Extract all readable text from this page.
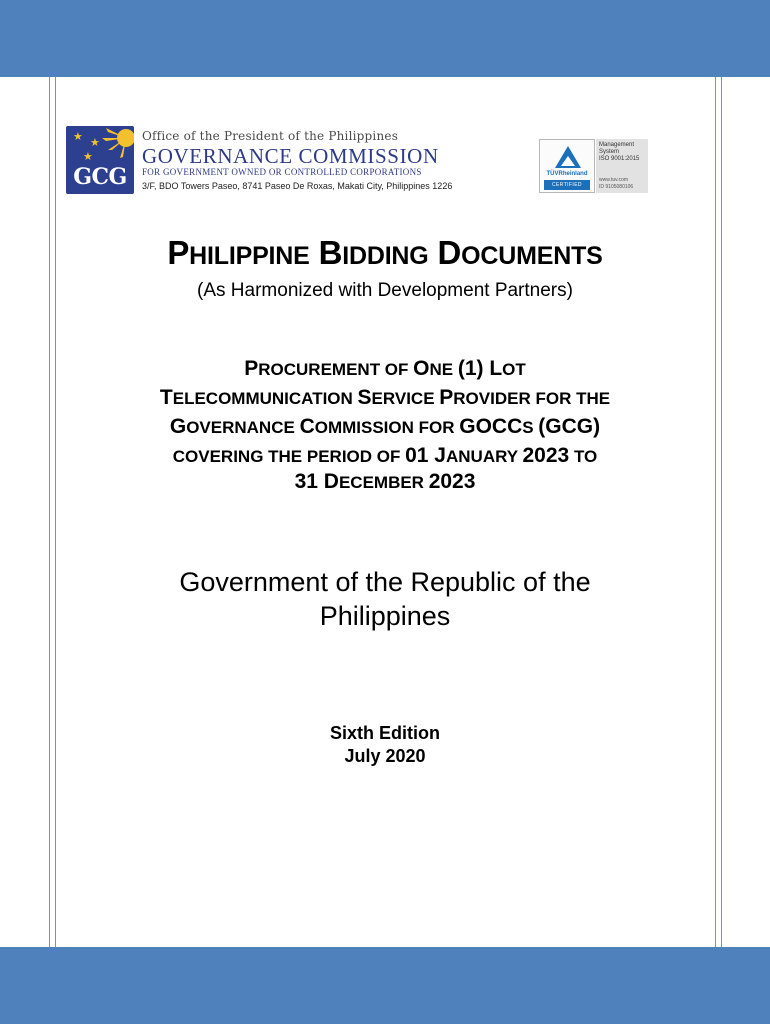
★ ★
★
GCG
Office of the President of the Philippines
GOVERNANCE COMMISSION
FOR GOVERNMENT OWNED OR CONTROLLED CORPORATIONS
3/F, BDO Towers Paseo, 8741 Paseo De Roxas, Makati City, Philippines 1226
TÜVRheinland
CERTIFIED
Management
System
ISO 9001:2015
www.tuv.com
ID 9105080106
PHILIPPINE BIDDING DOCUMENTS
(As Harmonized with Development Partners)
PROCUREMENT OF ONE (1) LOT
TELECOMMUNICATION SERVICE PROVIDER FOR THE
GOVERNANCE COMMISSION FOR GOCCS (GCG)
COVERING THE PERIOD OF 01 JANUARY 2023 TO
31 DECEMBER 2023
Government of the Republic of the
Philippines
Sixth Edition
July 2020
